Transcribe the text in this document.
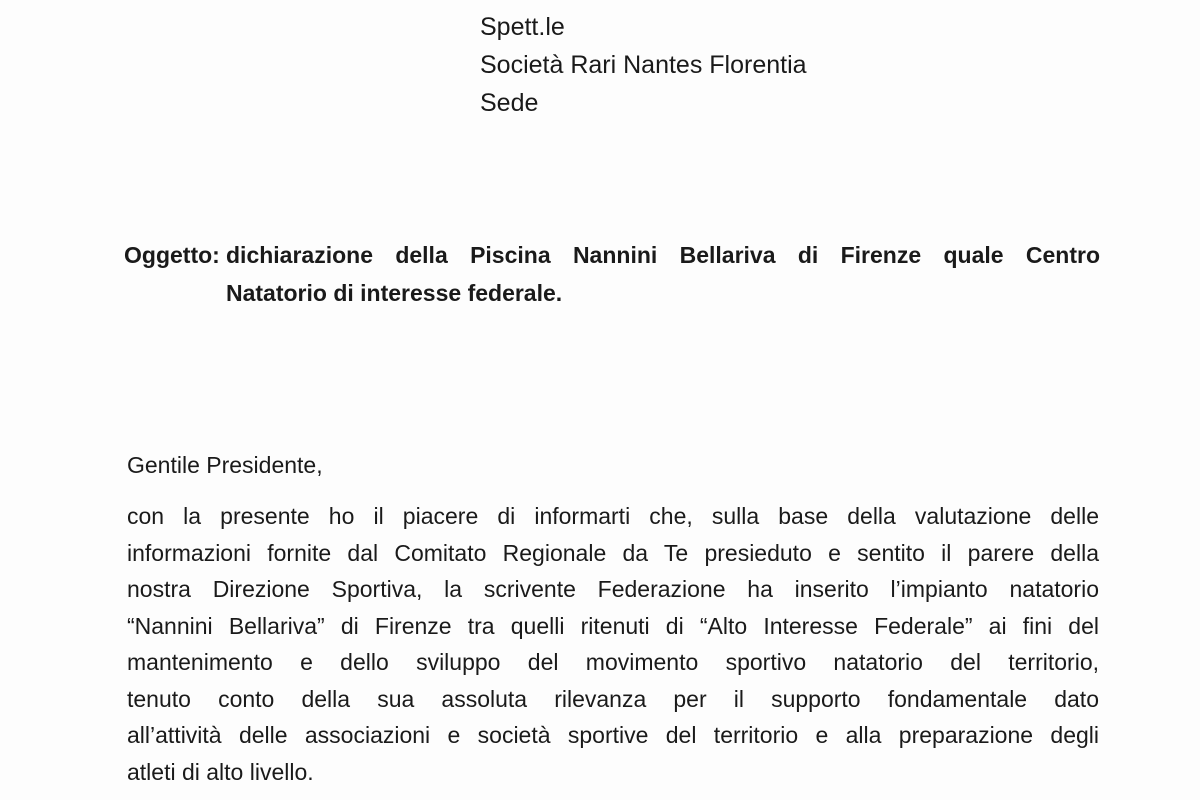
Spett.le
Società Rari Nantes Florentia
Sede
Oggetto: dichiarazione della Piscina Nannini Bellariva di Firenze quale Centro
Natatorio di interesse federale.
Gentile Presidente,
con la presente ho il piacere di informarti che, sulla base della valutazione delle
informazioni fornite dal Comitato Regionale da Te presieduto e sentito il parere della
nostra Direzione Sportiva, la scrivente Federazione ha inserito l’impianto natatorio
“Nannini Bellariva” di Firenze tra quelli ritenuti di “Alto Interesse Federale” ai fini del
mantenimento e dello sviluppo del movimento sportivo natatorio del territorio,
tenuto conto della sua assoluta rilevanza per il supporto fondamentale dato
all’attività delle associazioni e società sportive del territorio e alla preparazione degli
atleti di alto livello.
